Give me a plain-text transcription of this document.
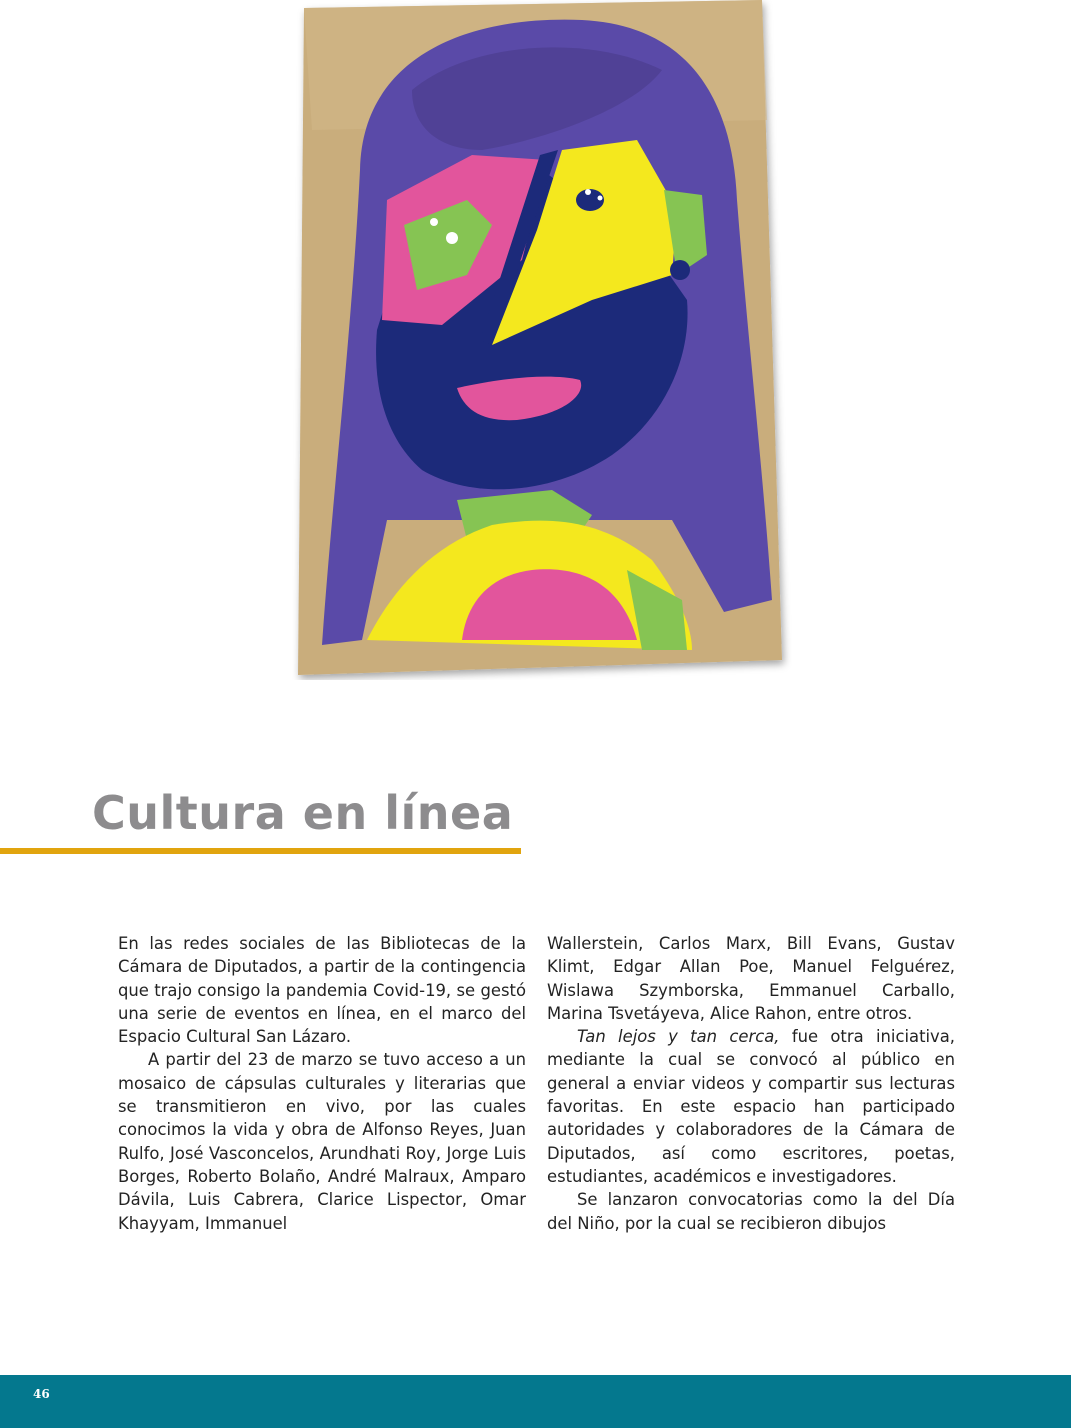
Cultura en línea

En las redes sociales de las Bibliotecas de la Cámara de Diputados, a partir de la contingencia que trajo consigo la pandemia Covid-19, se gestó una serie de eventos en línea, en el marco del Espacio Cultural San Lázaro.

A partir del 23 de marzo se tuvo acceso a un mosaico de cápsulas culturales y literarias que se transmitieron en vivo, por las cuales conocimos la vida y obra de Alfonso Reyes, Juan Rulfo, José Vasconcelos, Arundhati Roy, Jorge Luis Borges, Roberto Bolaño, André Malraux, Amparo Dávila, Luis Cabrera, Clarice Lispector, Omar Khayyam, Immanuel

Wallerstein, Carlos Marx, Bill Evans, Gustav Klimt, Edgar Allan Poe, Manuel Felguérez, Wislawa Szymborska, Emmanuel Carballo, Marina Tsvetáyeva, Alice Rahon, entre otros.

Tan lejos y tan cerca, fue otra iniciativa, mediante la cual se convocó al público en general a enviar videos y compartir sus lecturas favoritas. En este espacio han participado autoridades y colaboradores de la Cámara de Diputados, así como escritores, poetas, estudiantes, académicos e investigadores.

Se lanzaron convocatorias como la del Día del Niño, por la cual se recibieron dibujos

46
